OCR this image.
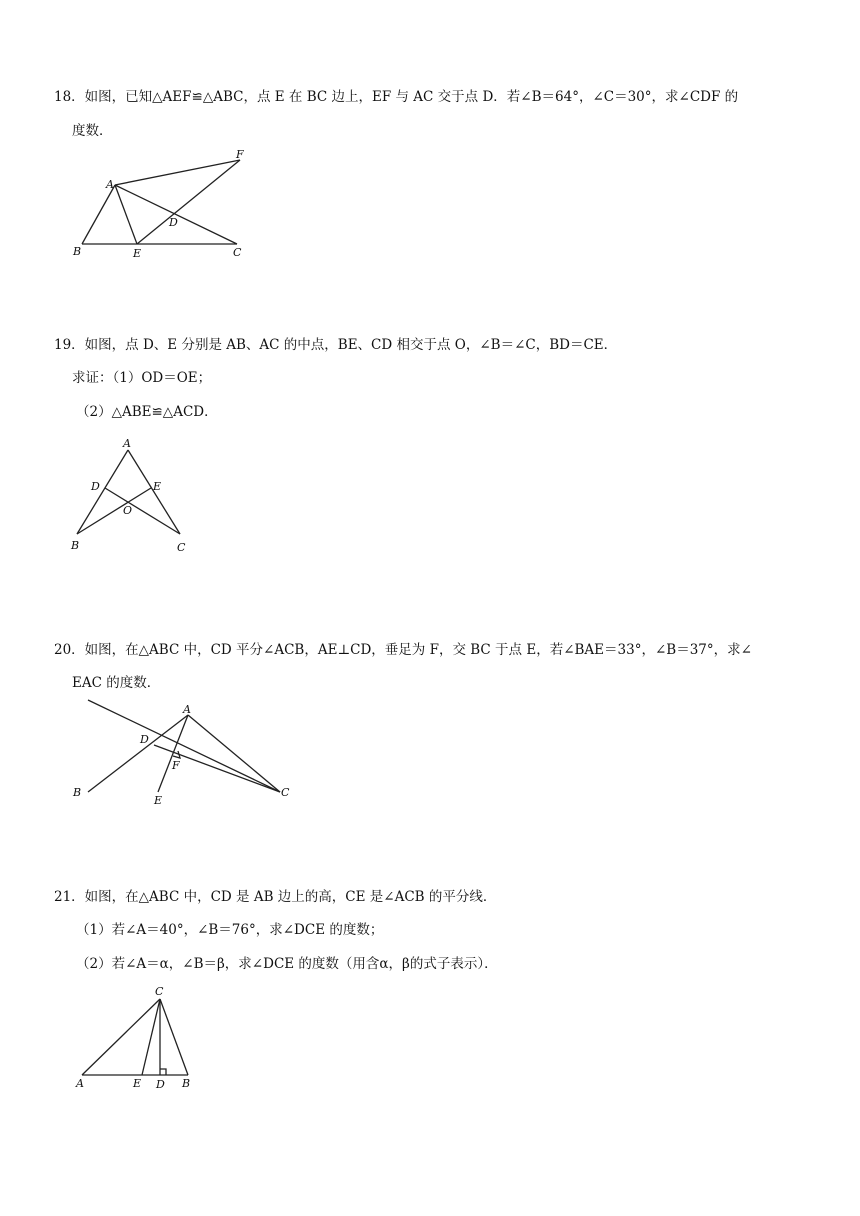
18．如图，已知△AEF≌△ABC，点 E 在 BC 边上，EF 与 AC 交于点 D．若∠B＝64°，∠C＝30°，求∠CDF 的
度数．
A
B	C
D
E
F
19．如图，点 D、E 分别是 AB、AC 的中点，BE、CD 相交于点 O，∠B＝∠C，BD＝CE．
求证：（1）OD＝OE；
（2）△ABE≌△ACD．
A
D	E
O
B	C
20．如图，在△ABC 中，CD 平分∠ACB，AE⊥CD，垂足为 F，交 BC 于点 E，若∠BAE＝33°，∠B＝37°，求∠
EAC 的度数．
A
D
F
B
E
C
21．如图，在△ABC 中，CD 是 AB 边上的高，CE 是∠ACB 的平分线．
（1）若∠A＝40°，∠B＝76°，求∠DCE 的度数；
（2）若∠A＝α，∠B＝β，求∠DCE 的度数（用含α，β的式子表示）．
C
A	E D B
